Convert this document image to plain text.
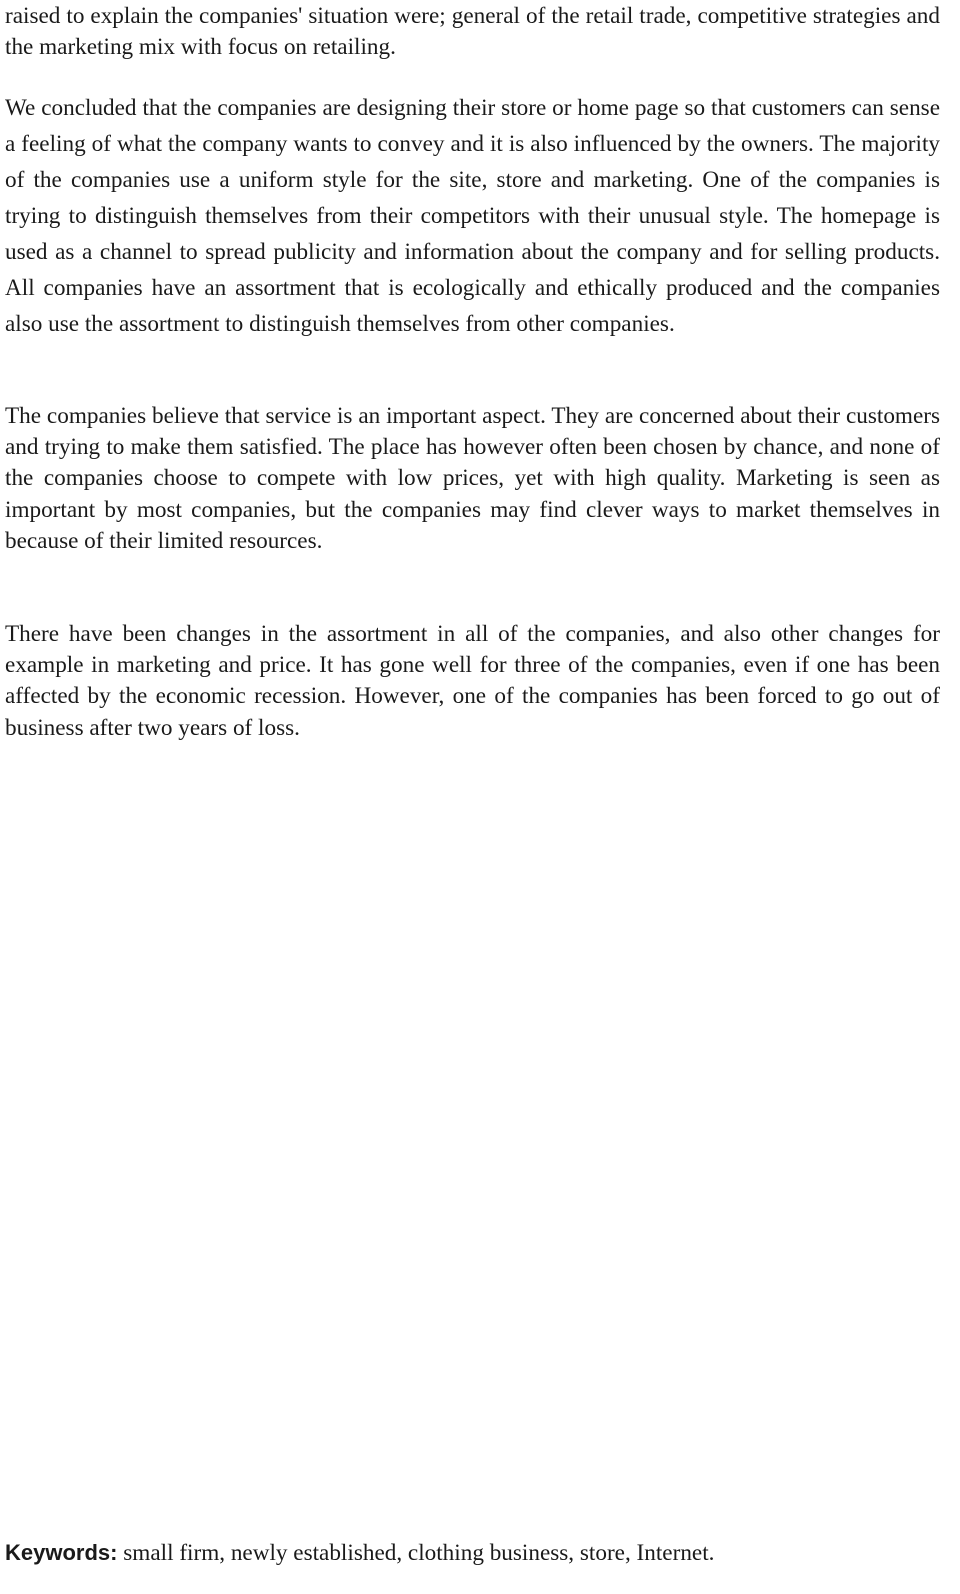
raised to explain the companies' situation were; general of the retail trade, competitive strategies and the marketing mix with focus on retailing.

We concluded that the companies are designing their store or home page so that customers can sense a feeling of what the company wants to convey and it is also influenced by the owners. The majority of the companies use a uniform style for the site, store and marketing. One of the companies is trying to distinguish themselves from their competitors with their unusual style. The homepage is used as a channel to spread publicity and information about the company and for selling products. All companies have an assortment that is ecologically and ethically produced and the companies also use the assortment to distinguish themselves from other companies.

The companies believe that service is an important aspect. They are concerned about their customers and trying to make them satisfied. The place has however often been chosen by chance, and none of the companies choose to compete with low prices, yet with high quality. Marketing is seen as important by most companies, but the companies may find clever ways to market themselves in because of their limited resources.

There have been changes in the assortment in all of the companies, and also other changes for example in marketing and price. It has gone well for three of the companies, even if one has been affected by the economic recession. However, one of the companies has been forced to go out of business after two years of loss.

Keywords: small firm, newly established, clothing business, store, Internet.
